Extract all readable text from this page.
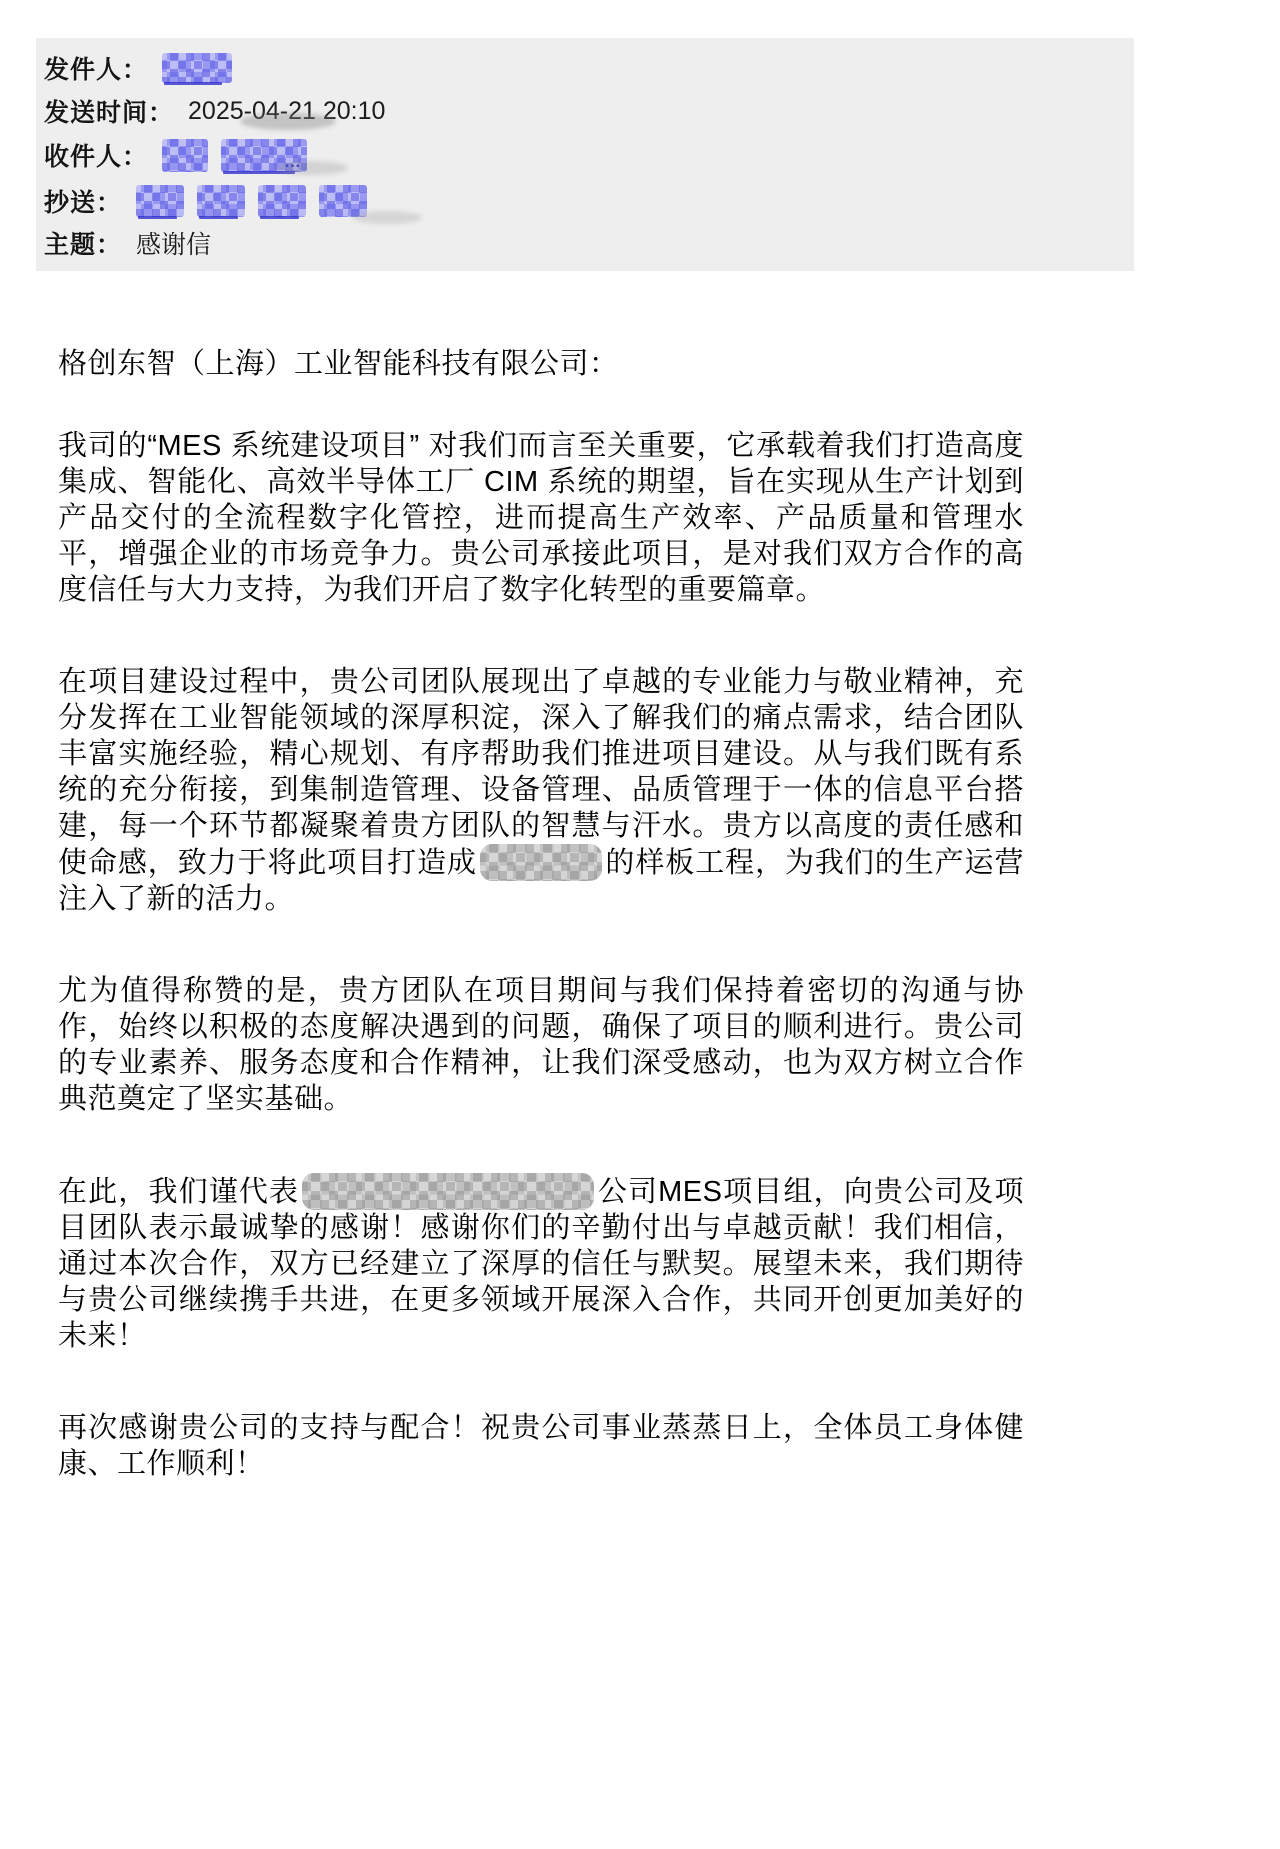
发件人：
发送时间： 2025-04-21 20:10
收件人：	…
抄送：
主题： 感谢信

格创东智（上海）工业智能科技有限公司：

我司的“MES 系统建设项目” 对我们而言至关重要，它承载着我们打造高度集成、智能化、高效半导体工厂 CIM 系统的期望，旨在实现从生产计划到产品交付的全流程数字化管控，进而提高生产效率、产品质量和管理水平，增强企业的市场竞争力。贵公司承接此项目，是对我们双方合作的高度信任与大力支持，为我们开启了数字化转型的重要篇章。

在项目建设过程中，贵公司团队展现出了卓越的专业能力与敬业精神，充分发挥在工业智能领域的深厚积淀，深入了解我们的痛点需求，结合团队丰富实施经验，精心规划、有序帮助我们推进项目建设。从与我们既有系统的充分衔接，到集制造管理、设备管理、品质管理于一体的信息平台搭建，每一个环节都凝聚着贵方团队的智慧与汗水。贵方以高度的责任感和使命感，致力于将此项目打造成	的样板工程，为我们的生产运营注入了新的活力。

尤为值得称赞的是，贵方团队在项目期间与我们保持着密切的沟通与协作，始终以积极的态度解决遇到的问题，确保了项目的顺利进行。贵公司的专业素养、服务态度和合作精神，让我们深受感动，也为双方树立合作典范奠定了坚实基础。

在此，我们谨代表	公司MES项目组，向贵公司及项目团队表示最诚挚的感谢！感谢你们的辛勤付出与卓越贡献！我们相信，通过本次合作，双方已经建立了深厚的信任与默契。展望未来，我们期待与贵公司继续携手共进，在更多领域开展深入合作，共同开创更加美好的未来！

再次感谢贵公司的支持与配合！祝贵公司事业蒸蒸日上，全体员工身体健康、工作顺利！
